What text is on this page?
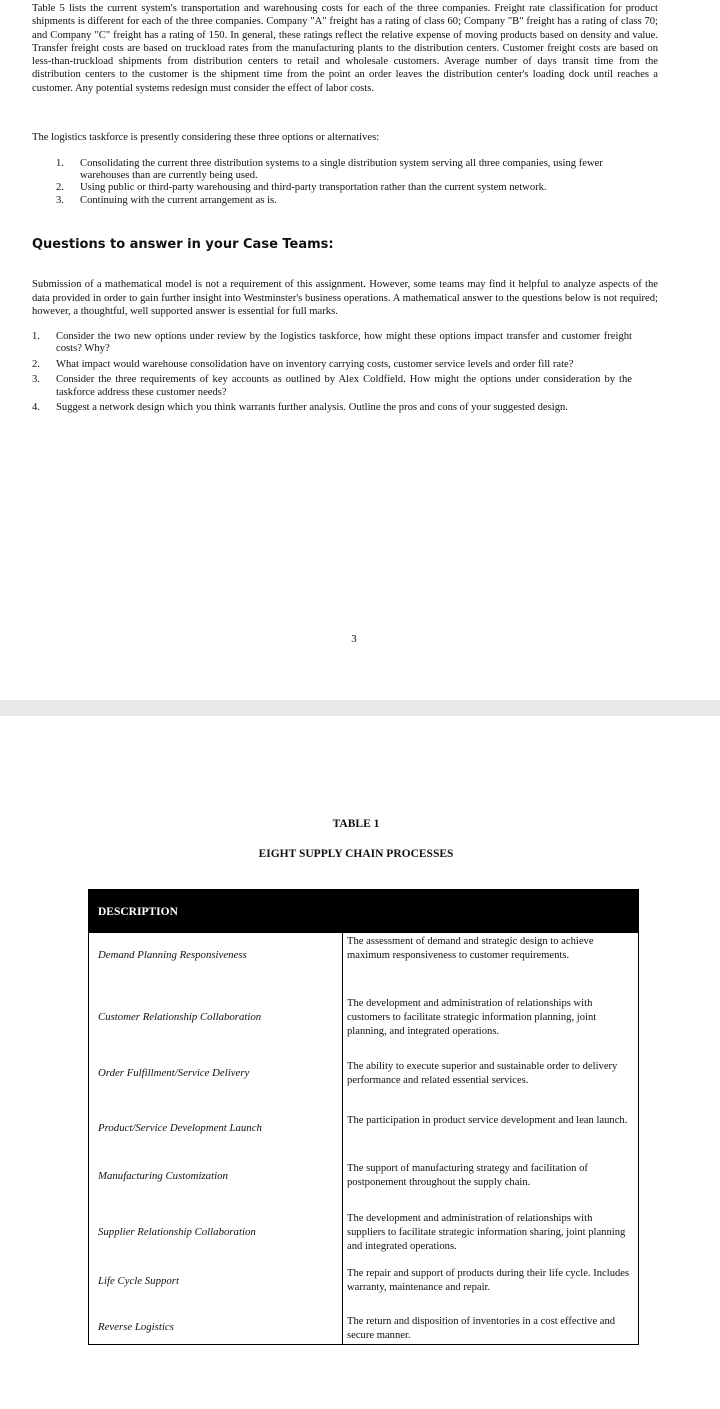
Table 5 lists the current system's transportation and warehousing costs for each of the three companies. Freight rate classification for product shipments is different for each of the three companies. Company "A" freight has a rating of class 60; Company "B" freight has a rating of class 70; and Company "C" freight has a rating of 150. In general, these ratings reflect the relative expense of moving products based on density and value. Transfer freight costs are based on truckload rates from the manufacturing plants to the distribution centers. Customer freight costs are based on less-than-truckload shipments from distribution centers to retail and wholesale customers. Average number of days transit time from the distribution centers to the customer is the shipment time from the point an order leaves the distribution center's loading dock until reaches a customer. Any potential systems redesign must consider the effect of labor costs.

The logistics taskforce is presently considering these three options or alternatives:

1. Consolidating the current three distribution systems to a single distribution system serving all three companies, using fewer warehouses than are currently being used.
2. Using public or third-party warehousing and third-party transportation rather than the current system network.
3. Continuing with the current arrangement as is.
Questions to answer in your Case Teams:

Submission of a mathematical model is not a requirement of this assignment. However, some teams may find it helpful to analyze aspects of the data provided in order to gain further insight into Westminster's business operations. A mathematical answer to the questions below is not required; however, a thoughtful, well supported answer is essential for full marks.

1. Consider the two new options under review by the logistics taskforce, how might these options impact transfer and customer freight costs? Why?
2. What impact would warehouse consolidation have on inventory carrying costs, customer service levels and order fill rate?
3. Consider the three requirements of key accounts as outlined by Alex Coldfield. How might the options under consideration by the taskforce address these customer needs?
4. Suggest a network design which you think warrants further analysis. Outline the pros and cons of your suggested design.
3

TABLE 1

EIGHT SUPPLY CHAIN PROCESSES

DESCRIPTION
Demand Planning Responsiveness
The assessment of demand and strategic design to achieve maximum responsiveness to customer requirements.
Customer Relationship Collaboration
The development and administration of relationships with customers to facilitate strategic information planning, joint planning, and integrated operations.
Order Fulfillment/Service Delivery
The ability to execute superior and sustainable order to delivery performance and related essential services.
Product/Service Development Launch
The participation in product service development and lean launch.
Manufacturing Customization
The support of manufacturing strategy and facilitation of postponement throughout the supply chain.
Supplier Relationship Collaboration
The development and administration of relationships with suppliers to facilitate strategic information sharing, joint planning and integrated operations.
Life Cycle Support
The repair and support of products during their life cycle. Includes warranty, maintenance and repair.
Reverse Logistics	The return and disposition of inventories in a cost effective and secure manner.
